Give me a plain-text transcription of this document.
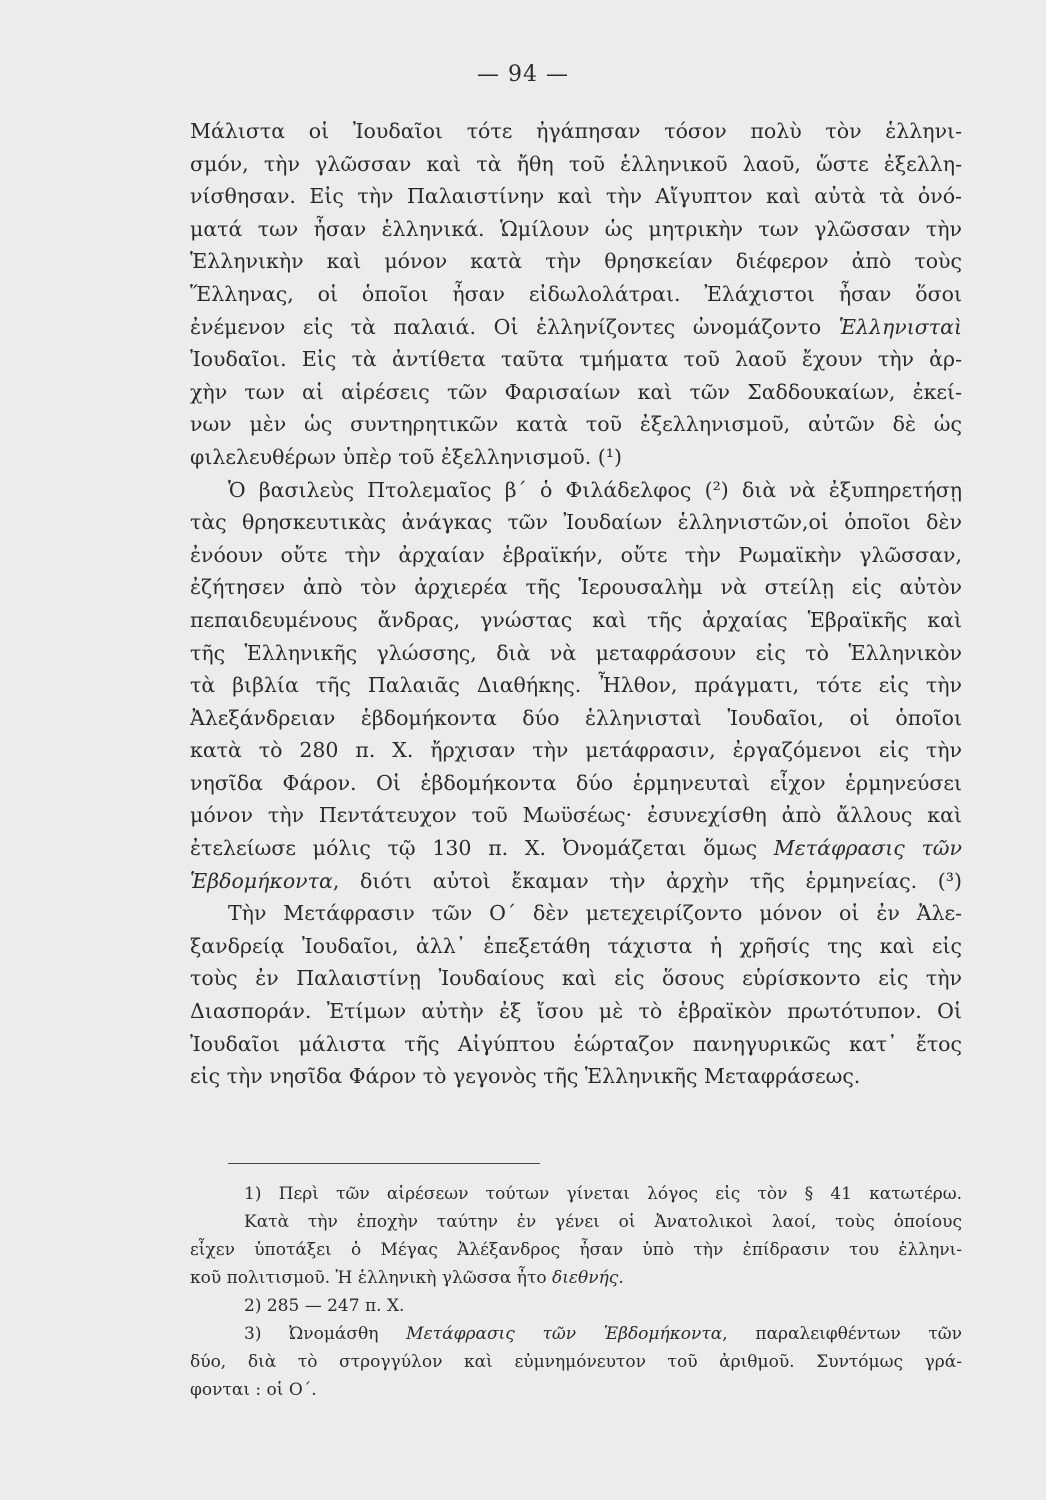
— 94 —
Μάλιστα οἱ Ἰουδαῖοι τότε ἠγάπησαν τόσον πολὺ τὸν ἑλληνι-
σμόν, τὴν γλῶσσαν καὶ τὰ ἤθη τοῦ ἑλληνικοῦ λαοῦ, ὥστε ἐξελλη-
νίσθησαν. Εἰς τὴν Παλαιστίνην καὶ τὴν Αἴγυπτον καὶ αὐτὰ τὰ ὀνό-
ματά των ἦσαν ἑλληνικά. Ὡμίλουν ὡς μητρικὴν των γλῶσσαν τὴν
Ἑλληνικὴν καὶ μόνον κατὰ τὴν θρησκείαν διέφερον ἀπὸ τοὺς
Ἕλληνας, οἱ ὁποῖοι ἦσαν εἰδωλολάτραι. Ἐλάχιστοι ἦσαν ὅσοι
ἐνέμενον εἰς τὰ παλαιά. Οἱ ἑλληνίζοντες ὠνομάζοντο Ἑλληνισταὶ
Ἰουδαῖοι. Εἰς τὰ ἀντίθετα ταῦτα τμήματα τοῦ λαοῦ ἔχουν τὴν ἀρ-
χὴν των αἱ αἱρέσεις τῶν Φαρισαίων καὶ τῶν Σαδδουκαίων, ἐκεί-
νων μὲν ὡς συντηρητικῶν κατὰ τοῦ ἐξελληνισμοῦ, αὐτῶν δὲ ὡς
φιλελευθέρων ὑπὲρ τοῦ ἐξελληνισμοῦ. (¹)
Ὁ βασιλεὺς Πτολεμαῖος β΄ ὁ Φιλάδελφος (²) διὰ νὰ ἐξυπηρετήσῃ
τὰς θρησκευτικὰς ἀνάγκας τῶν Ἰουδαίων ἑλληνιστῶν,οἱ ὁποῖοι δὲν
ἐνόουν οὔτε τὴν ἀρχαίαν ἑβραϊκήν, οὔτε τὴν Ρωμαϊκὴν γλῶσσαν,
ἐζήτησεν ἀπὸ τὸν ἀρχιερέα τῆς Ἱερουσαλὴμ νὰ στείλῃ εἰς αὐτὸν
πεπαιδευμένους ἄνδρας, γνώστας καὶ τῆς ἀρχαίας Ἑβραϊκῆς καὶ
τῆς Ἑλληνικῆς γλώσσης, διὰ νὰ μεταφράσουν εἰς τὸ Ἑλληνικὸν
τὰ βιβλία τῆς Παλαιᾶς Διαθήκης. Ἦλθον, πράγματι, τότε εἰς τὴν
Ἀλεξάνδρειαν ἑβδομήκοντα δύο ἑλληνισταὶ Ἰουδαῖοι, οἱ ὁποῖοι
κατὰ τὸ 280 π. Χ. ἤρχισαν τὴν μετάφρασιν, ἐργαζόμενοι εἰς τὴν
νησῖδα Φάρον. Οἱ ἑβδομήκοντα δύο ἑρμηνευταὶ εἶχον ἑρμηνεύσει
μόνον τὴν Πεντάτευχον τοῦ Μωϋσέως· ἐσυνεχίσθη ἀπὸ ἄλλους καὶ
ἐτελείωσε μόλις τῷ 130 π. Χ. Ὀνομάζεται ὅμως Μετάφρασις τῶν
Ἑβδομήκοντα, διότι αὐτοὶ ἔκαμαν τὴν ἀρχὴν τῆς ἑρμηνείας. (³)
Τὴν Μετάφρασιν τῶν Ο΄ δὲν μετεχειρίζοντο μόνον οἱ ἐν Ἀλε-
ξανδρείᾳ Ἰουδαῖοι, ἀλλ᾽ ἐπεξετάθη τάχιστα ἡ χρῆσίς της καὶ εἰς
τοὺς ἐν Παλαιστίνῃ Ἰουδαίους καὶ εἰς ὅσους εὑρίσκοντο εἰς τὴν
Διασποράν. Ἐτίμων αὐτὴν ἐξ ἴσου μὲ τὸ ἑβραϊκὸν πρωτότυπον. Οἱ
Ἰουδαῖοι μάλιστα τῆς Αἰγύπτου ἑώρταζον πανηγυρικῶς κατ᾽ ἔτος
εἰς τὴν νησῖδα Φάρον τὸ γεγονὸς τῆς Ἑλληνικῆς Μεταφράσεως.
1) Περὶ τῶν αἱρέσεων τούτων γίνεται λόγος εἰς τὸν § 41 κατωτέρω.
Κατὰ τὴν ἐποχὴν ταύτην ἐν γένει οἱ Ἀνατολικοὶ λαοί, τοὺς ὁποίους
εἶχεν ὑποτάξει ὁ Μέγας Ἀλέξανδρος ἦσαν ὑπὸ τὴν ἐπίδρασιν του ἑλληνι-
κοῦ πολιτισμοῦ. Ἡ ἑλληνικὴ γλῶσσα ἦτο διεθνής.
2) 285 — 247 π. Χ.
3) Ὠνομάσθη Μετάφρασις τῶν Ἑβδομήκοντα, παραλειφθέντων τῶν
δύο, διὰ τὸ στρογγύλον καὶ εὐμνημόνευτον τοῦ ἀριθμοῦ. Συντόμως γρά-
φονται : οἱ Ο΄.
